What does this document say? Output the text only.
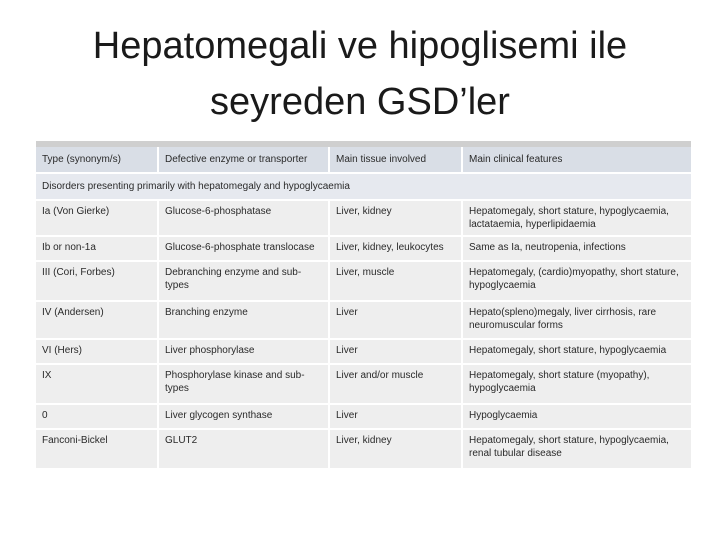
Hepatomegali ve hipoglisemi ile
seyreden GSD’ler
Type (synonym/s)	Defective enzyme or transporter	Main tissue involved	Main clinical features
Disorders presenting primarily with hepatomegaly and hypoglycaemia			
Ia (Von Gierke)	Glucose-6-phosphatase	Liver, kidney	Hepatomegaly, short stature, hypoglycaemia, lactataemia, hyperlipidaemia
Ib or non-1a	Glucose-6-phosphate translocase	Liver, kidney, leukocytes	Same as Ia, neutropenia, infections
III (Cori, Forbes)	Debranching enzyme and sub-types	Liver, muscle	Hepatomegaly, (cardio)myopathy, short stature, hypoglycaemia
IV (Andersen)	Branching enzyme	Liver	Hepato(spleno)megaly, liver cirrhosis, rare neuromuscular forms
VI (Hers)	Liver phosphorylase	Liver	Hepatomegaly, short stature, hypoglycaemia
IX	Phosphorylase kinase and sub-types	Liver and/or muscle	Hepatomegaly, short stature (myopathy), hypoglycaemia
0	Liver glycogen synthase	Liver	Hypoglycaemia
Fanconi-Bickel	GLUT2	Liver, kidney	Hepatomegaly, short stature, hypoglycaemia, renal tubular disease
